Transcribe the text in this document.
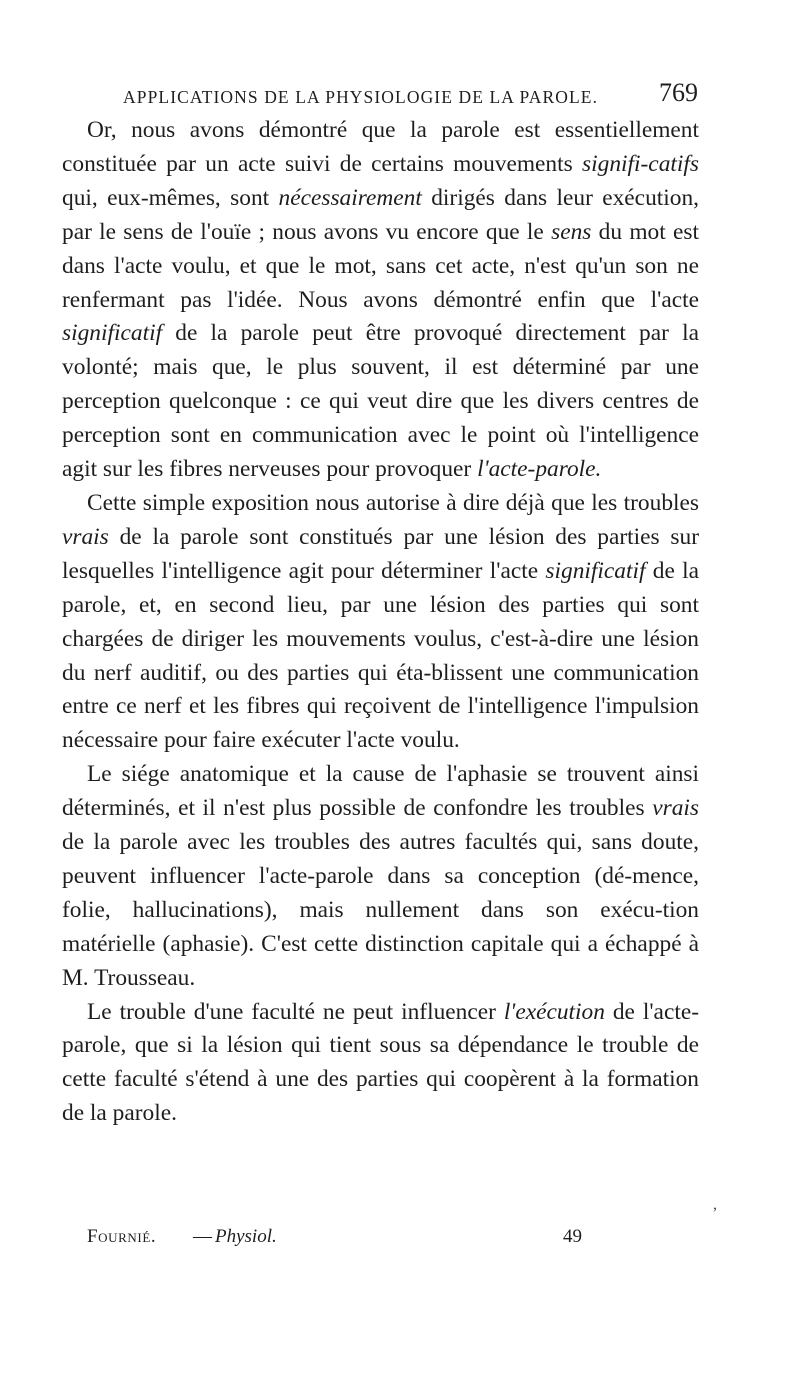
APPLICATIONS DE LA PHYSIOLOGIE DE LA PAROLE. 769

Or, nous avons démontré que la parole est essentiellement constituée par un acte suivi de certains mouvements signifi-catifs qui, eux-mêmes, sont nécessairement dirigés dans leur exécution, par le sens de l'ouïe ; nous avons vu encore que le sens du mot est dans l'acte voulu, et que le mot, sans cet acte, n'est qu'un son ne renfermant pas l'idée. Nous avons démontré enfin que l'acte significatif de la parole peut être provoqué directement par la volonté; mais que, le plus souvent, il est déterminé par une perception quelconque : ce qui veut dire que les divers centres de perception sont en communication avec le point où l'intelligence agit sur les fibres nerveuses pour provoquer l'acte-parole.

Cette simple exposition nous autorise à dire déjà que les troubles vrais de la parole sont constitués par une lésion des parties sur lesquelles l'intelligence agit pour déterminer l'acte significatif de la parole, et, en second lieu, par une lésion des parties qui sont chargées de diriger les mouvements voulus, c'est-à-dire une lésion du nerf auditif, ou des parties qui éta-blissent une communication entre ce nerf et les fibres qui reçoivent de l'intelligence l'impulsion nécessaire pour faire exécuter l'acte voulu.

Le siége anatomique et la cause de l'aphasie se trouvent ainsi déterminés, et il n'est plus possible de confondre les troubles vrais de la parole avec les troubles des autres facultés qui, sans doute, peuvent influencer l'acte-parole dans sa conception (dé-mence, folie, hallucinations), mais nullement dans son exécu-tion matérielle (aphasie). C'est cette distinction capitale qui a échappé à M. Trousseau.

Le trouble d'une faculté ne peut influencer l'exécution de l'acte-parole, que si la lésion qui tient sous sa dépendance le trouble de cette faculté s'étend à une des parties qui coopèrent à la formation de la parole.

,
Fournié. — Physiol.	49
